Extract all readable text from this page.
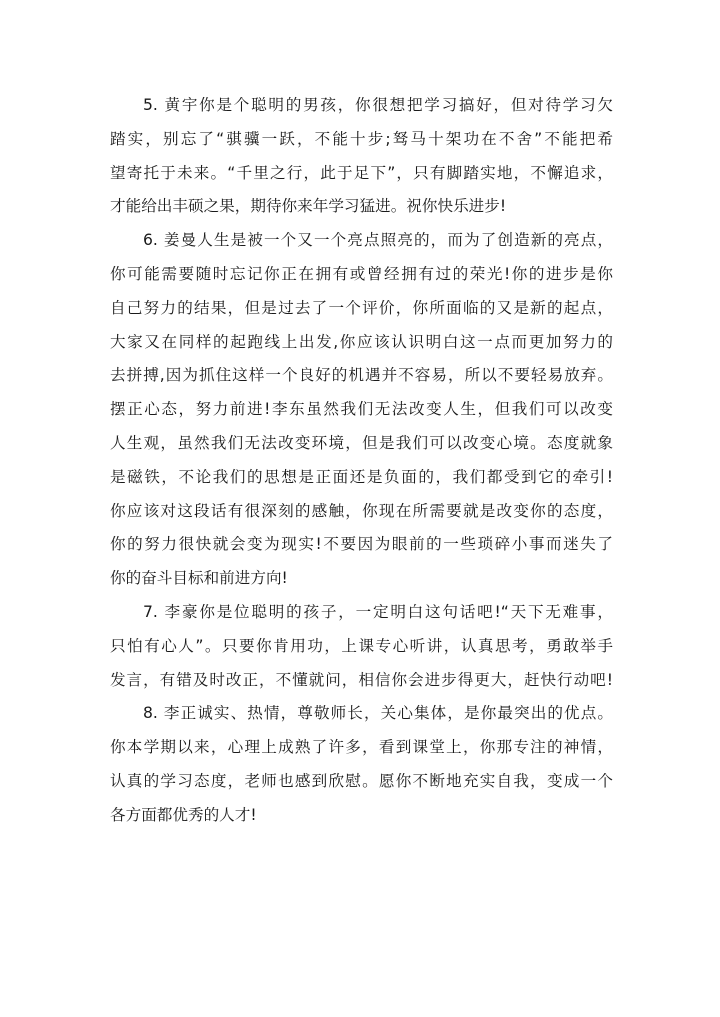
5. 黄宇你是个聪明的男孩，你很想把学习搞好，但对待学习欠
踏实，别忘了“骐骥一跃，不能十步;驽马十架功在不舍”不能把希
望寄托于未来。“千里之行，此于足下”，只有脚踏实地，不懈追求，
才能给出丰硕之果，期待你来年学习猛进。祝你快乐进步!
6. 姜曼人生是被一个又一个亮点照亮的，而为了创造新的亮点，
你可能需要随时忘记你正在拥有或曾经拥有过的荣光!你的进步是你
自己努力的结果，但是过去了一个评价，你所面临的又是新的起点，
大家又在同样的起跑线上出发,你应该认识明白这一点而更加努力的
去拼搏,因为抓住这样一个良好的机遇并不容易，所以不要轻易放弃。
摆正心态，努力前进!李东虽然我们无法改变人生，但我们可以改变
人生观，虽然我们无法改变环境，但是我们可以改变心境。态度就象
是磁铁，不论我们的思想是正面还是负面的，我们都受到它的牵引!
你应该对这段话有很深刻的感触，你现在所需要就是改变你的态度，
你的努力很快就会变为现实!不要因为眼前的一些琐碎小事而迷失了
你的奋斗目标和前进方向!
7. 李豪你是位聪明的孩子，一定明白这句话吧!“天下无难事，
只怕有心人”。只要你肯用功，上课专心听讲，认真思考，勇敢举手
发言，有错及时改正，不懂就问，相信你会进步得更大，赶快行动吧!
8. 李正诚实、热情，尊敬师长，关心集体，是你最突出的优点。
你本学期以来，心理上成熟了许多，看到课堂上，你那专注的神情，
认真的学习态度，老师也感到欣慰。愿你不断地充实自我，变成一个
各方面都优秀的人才!
